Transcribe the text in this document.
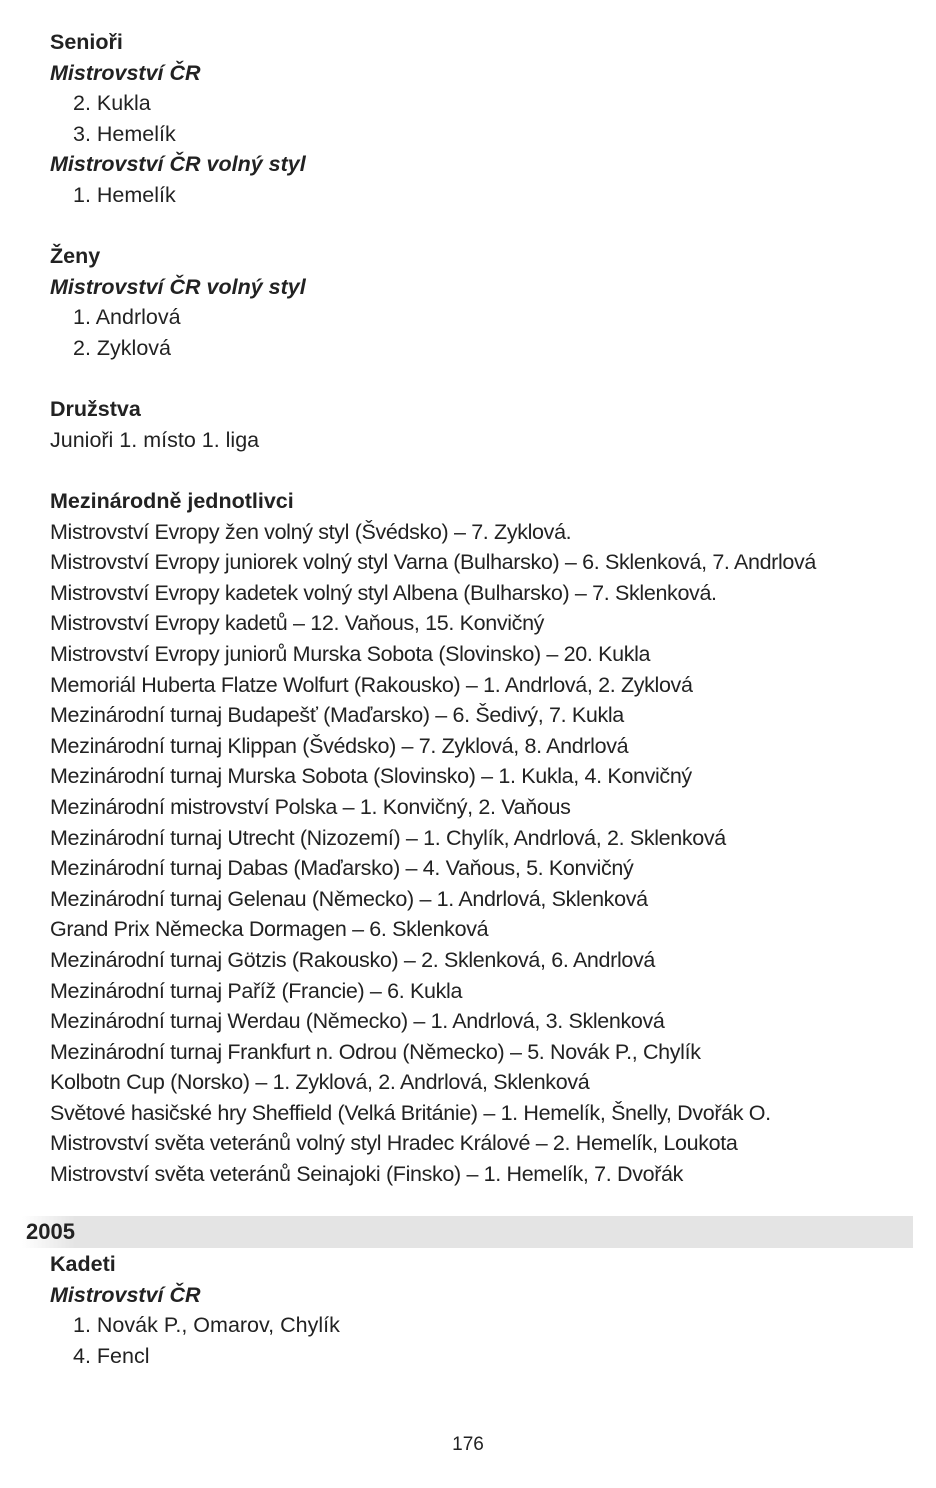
Senioři
Mistrovství ČR
2. Kukla
3. Hemelík
Mistrovství ČR volný styl
1. Hemelík
Ženy
Mistrovství ČR volný styl
1. Andrlová
2. Zyklová
Družstva
Junioři 1. místo 1. liga
Mezinárodně jednotlivci
Mistrovství Evropy žen volný styl (Švédsko) – 7. Zyklová.
Mistrovství Evropy juniorek volný styl Varna (Bulharsko) – 6. Sklenková, 7. Andrlová
Mistrovství Evropy kadetek volný styl Albena (Bulharsko) – 7. Sklenková.
Mistrovství Evropy kadetů – 12. Vaňous, 15. Konvičný
Mistrovství Evropy juniorů Murska Sobota (Slovinsko) – 20. Kukla
Memoriál Huberta Flatze Wolfurt (Rakousko) – 1. Andrlová, 2. Zyklová
Mezinárodní turnaj Budapešť (Maďarsko) – 6. Šedivý, 7. Kukla
Mezinárodní turnaj Klippan (Švédsko) – 7. Zyklová, 8. Andrlová
Mezinárodní turnaj Murska Sobota (Slovinsko) – 1. Kukla, 4. Konvičný
Mezinárodní mistrovství Polska – 1. Konvičný, 2. Vaňous
Mezinárodní turnaj Utrecht (Nizozemí) – 1. Chylík, Andrlová, 2. Sklenková
Mezinárodní turnaj Dabas (Maďarsko) – 4. Vaňous, 5. Konvičný
Mezinárodní turnaj Gelenau (Německo) – 1. Andrlová, Sklenková
Grand Prix Německa Dormagen – 6. Sklenková
Mezinárodní turnaj Götzis (Rakousko) – 2. Sklenková, 6. Andrlová
Mezinárodní turnaj Paříž (Francie) – 6. Kukla
Mezinárodní turnaj Werdau (Německo) – 1. Andrlová, 3. Sklenková
Mezinárodní turnaj Frankfurt n. Odrou (Německo) – 5. Novák P., Chylík
Kolbotn Cup (Norsko) – 1. Zyklová, 2. Andrlová, Sklenková
Světové hasičské hry Sheffield (Velká Británie) – 1. Hemelík, Šnelly, Dvořák O.
Mistrovství světa veteránů volný styl Hradec Králové – 2. Hemelík, Loukota
Mistrovství světa veteránů Seinajoki (Finsko) – 1. Hemelík, 7. Dvořák
2005
Kadeti
Mistrovství ČR
1. Novák P., Omarov, Chylík
4. Fencl
176
